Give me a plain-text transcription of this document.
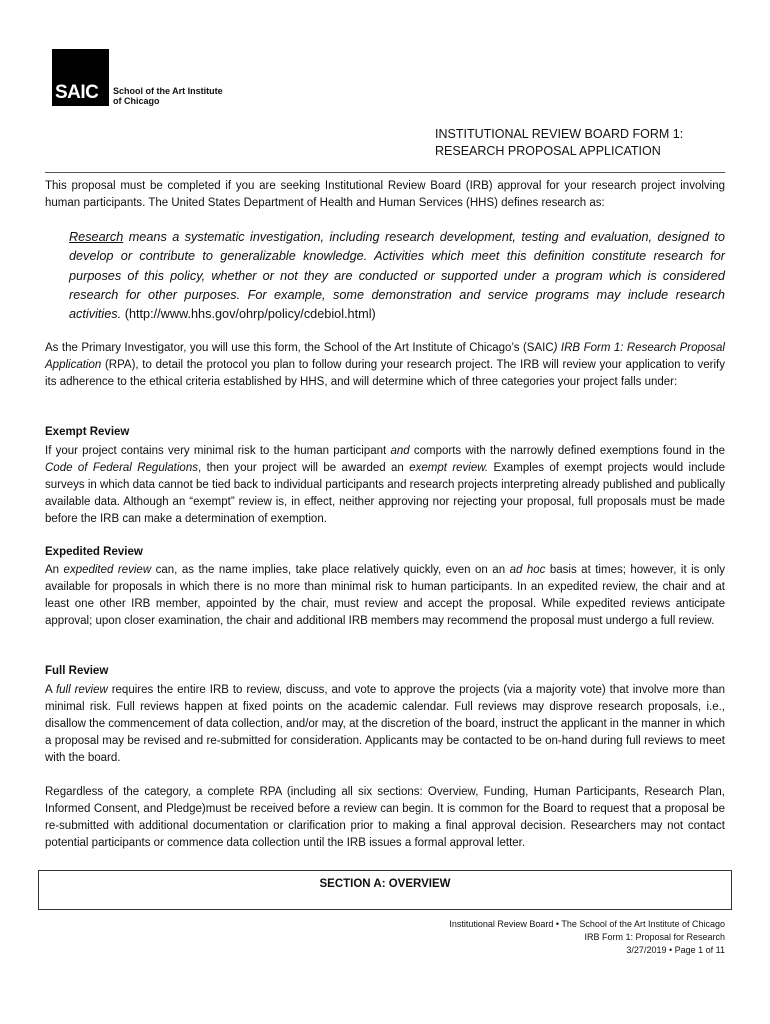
SAIC School of the Art Institute
of Chicago
INSTITUTIONAL REVIEW BOARD FORM 1:
RESEARCH PROPOSAL APPLICATION
This proposal must be completed if you are seeking Institutional Review Board (IRB) approval for your research project involving human participants. The United States Department of Health and Human Services (HHS) defines research as:
Research means a systematic investigation, including research development, testing and evaluation, designed to develop or contribute to generalizable knowledge. Activities which meet this definition constitute research for purposes of this policy, whether or not they are conducted or supported under a program which is considered research for other purposes. For example, some demonstration and service programs may include research activities. (http://www.hhs.gov/ohrp/policy/cdebiol.html)
As the Primary Investigator, you will use this form, the School of the Art Institute of Chicago’s (SAIC) IRB Form 1: Research Proposal Application (RPA), to detail the protocol you plan to follow during your research project. The IRB will review your application to verify its adherence to the ethical criteria established by HHS, and will determine which of three categories your project falls under:
Exempt Review
If your project contains very minimal risk to the human participant and comports with the narrowly defined exemptions found in the Code of Federal Regulations, then your project will be awarded an exempt review. Examples of exempt projects would include surveys in which data cannot be tied back to individual participants and research projects interpreting already published and publically available data. Although an “exempt” review is, in effect, neither approving nor rejecting your proposal, full proposals must be made before the IRB can make a determination of exemption.
Expedited Review
An expedited review can, as the name implies, take place relatively quickly, even on an ad hoc basis at times; however, it is only available for proposals in which there is no more than minimal risk to human participants. In an expedited review, the chair and at least one other IRB member, appointed by the chair, must review and accept the proposal. While expedited reviews anticipate approval; upon closer examination, the chair and additional IRB members may recommend the proposal must undergo a full review.
Full Review
A full review requires the entire IRB to review, discuss, and vote to approve the projects (via a majority vote) that involve more than minimal risk. Full reviews happen at fixed points on the academic calendar. Full reviews may disprove research proposals, i.e., disallow the commencement of data collection, and/or may, at the discretion of the board, instruct the applicant in the manner in which a proposal may be revised and re-submitted for consideration. Applicants may be contacted to be on-hand during full reviews to meet with the board.
Regardless of the category, a complete RPA (including all six sections: Overview, Funding, Human Participants, Research Plan, Informed Consent, and Pledge)must be received before a review can begin. It is common for the Board to request that a proposal be re-submitted with additional documentation or clarification prior to making a final approval decision. Researchers may not contact potential participants or commence data collection until the IRB issues a formal approval letter.
SECTION A: OVERVIEW
Institutional Review Board • The School of the Art Institute of Chicago
IRB Form 1: Proposal for Research
3/27/2019 • Page 1 of 11
